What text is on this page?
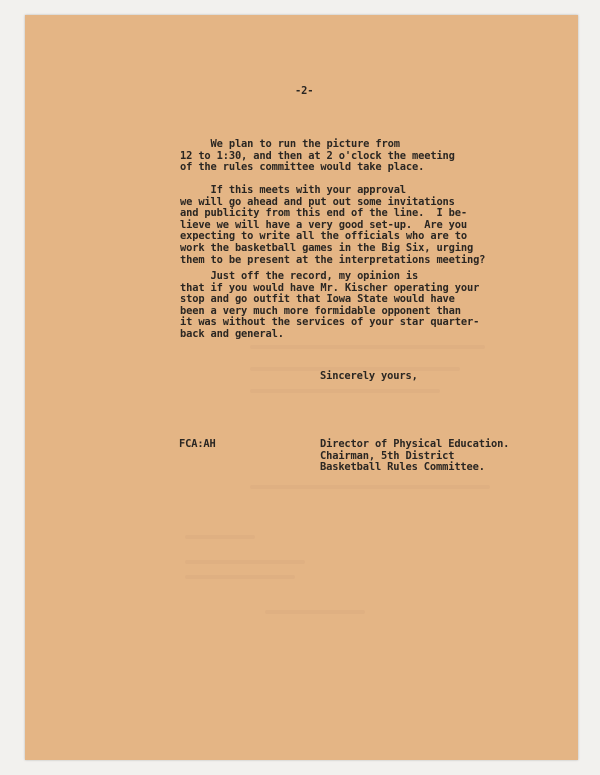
-2-
We plan to run the picture from
12 to 1:30, and then at 2 o'clock the meeting
of the rules committee would take place.
If this meets with your approval
we will go ahead and put out some invitations
and publicity from this end of the line.  I be-
lieve we will have a very good set-up.  Are you
expecting to write all the officials who are to
work the basketball games in the Big Six, urging
them to be present at the interpretations meeting?
Just off the record, my opinion is
that if you would have Mr. Kischer operating your
stop and go outfit that Iowa State would have
been a very much more formidable opponent than
it was without the services of your star quarter-
back and general.
Sincerely yours,
FCA:AH	Director of Physical Education.
Chairman, 5th District
Basketball Rules Committee.
